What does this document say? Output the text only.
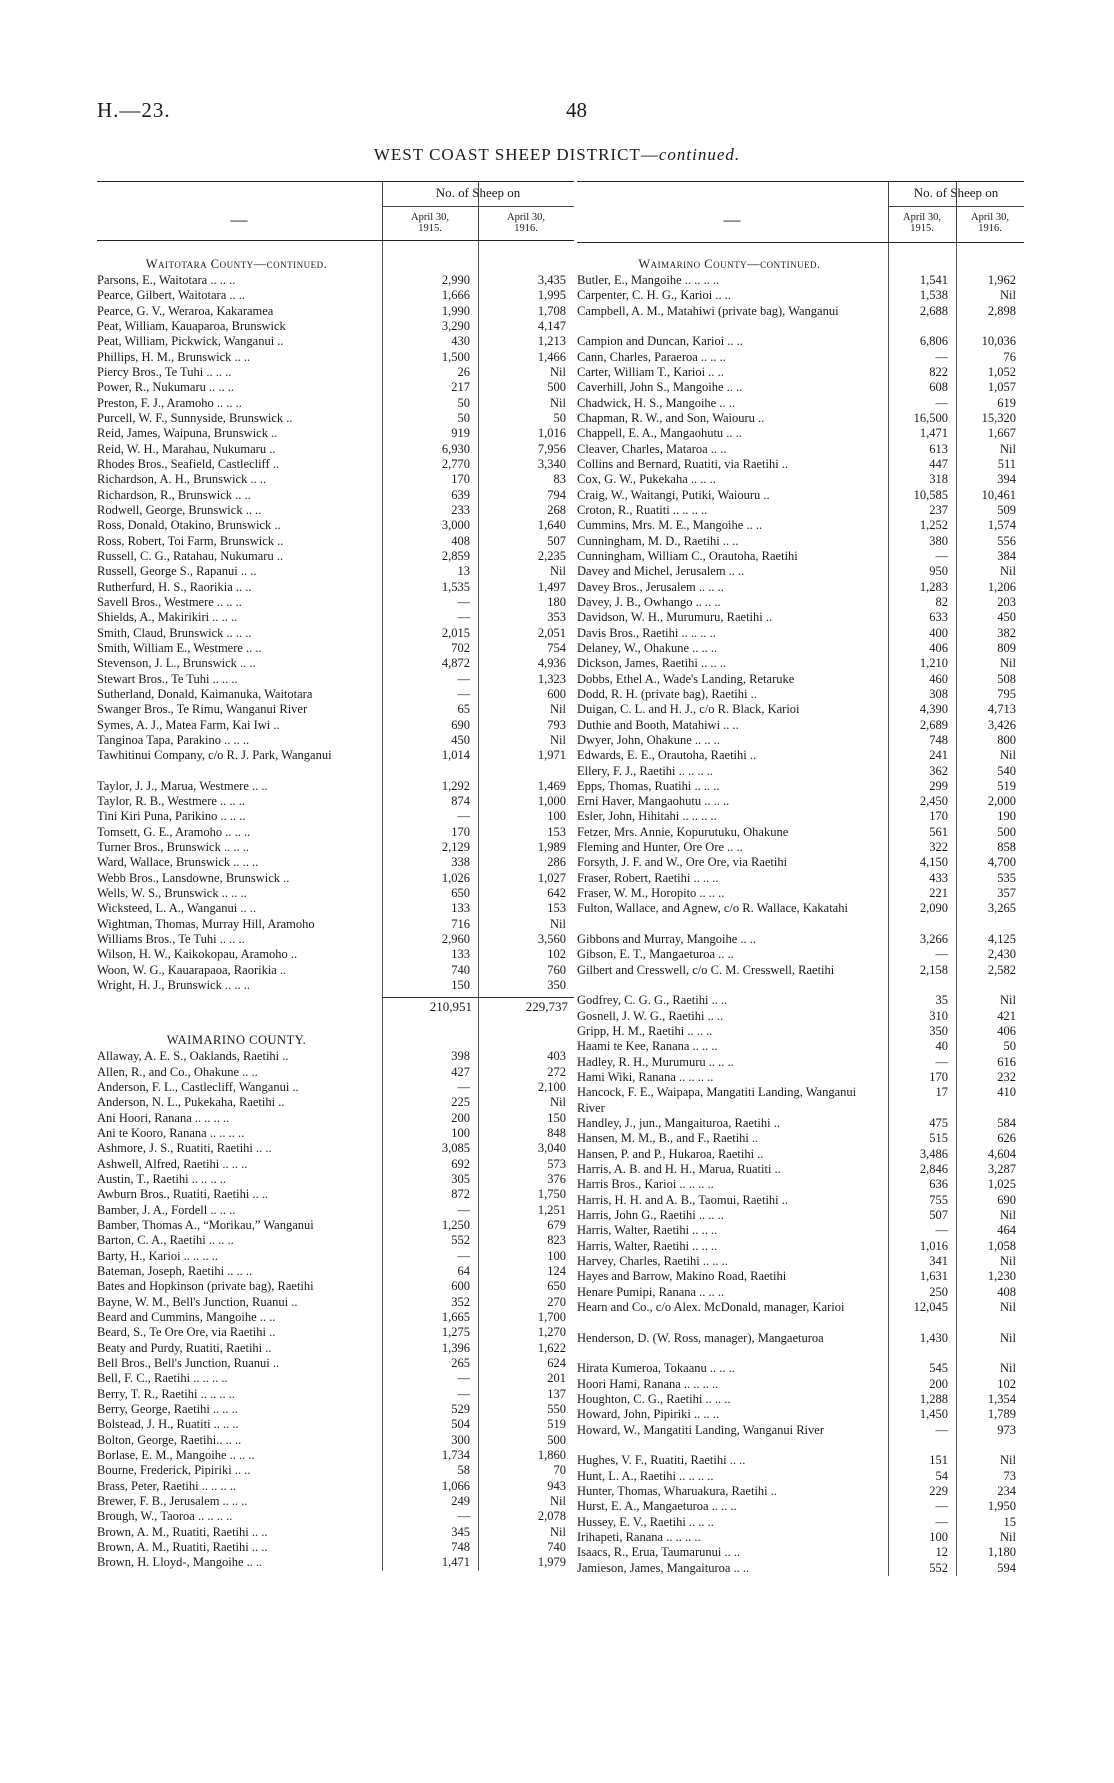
H.—23.	48
WEST COAST SHEEP DISTRICT—continued.
—
No. of Sheep on
April 30,
1915.
April 30,
1916.
Waitotara County—continued.
Parsons, E., Waitotara .. .. ..	2,990	3,435
Pearce, Gilbert, Waitotara .. ..	1,666	1,995
Pearce, G. V., Weraroa, Kakaramea	1,990	1,708
Peat, William, Kauaparoa, Brunswick	3,290	4,147
Peat, William, Pickwick, Wanganui ..	430	1,213
Phillips, H. M., Brunswick .. ..	1,500	1,466
Piercy Bros., Te Tuhi .. .. ..	26	Nil
Power, R., Nukumaru .. .. ..	217	500
Preston, F. J., Aramoho .. .. ..	50	Nil
Purcell, W. F., Sunnyside, Brunswick ..	50	50
Reid, James, Waipuna, Brunswick ..	919	1,016
Reid, W. H., Marahau, Nukumaru ..	6,930	7,956
Rhodes Bros., Seafield, Castlecliff ..	2,770	3,340
Richardson, A. H., Brunswick .. ..	170	83
Richardson, R., Brunswick .. ..	639	794
Rodwell, George, Brunswick .. ..	233	268
Ross, Donald, Otakino, Brunswick ..	3,000	1,640
Ross, Robert, Toi Farm, Brunswick ..	408	507
Russell, C. G., Ratahau, Nukumaru ..	2,859	2,235
Russell, George S., Rapanui .. ..	13	Nil
Rutherfurd, H. S., Raorikia .. ..	1,535	1,497
Savell Bros., Westmere .. .. ..	—	180
Shields, A., Makirikiri .. .. ..	—	353
Smith, Claud, Brunswick .. .. ..	2,015	2,051
Smith, William E., Westmere .. ..	702	754
Stevenson, J. L., Brunswick .. ..	4,872	4,936
Stewart Bros., Te Tuhi .. .. ..	—	1,323
Sutherland, Donald, Kaimanuka, Waitotara	—	600
Swanger Bros., Te Rimu, Wanganui River	65	Nil
Symes, A. J., Matea Farm, Kai Iwi ..	690	793
Tanginoa Tapa, Parakino .. .. ..	450	Nil
Tawhitinui Company, c/o R. J. Park, Wanganui	1,014	1,971
Taylor, J. J., Marua, Westmere .. ..	1,292	1,469
Taylor, R. B., Westmere .. .. ..	874	1,000
Tini Kiri Puna, Parikino .. .. ..	—	100
Tomsett, G. E., Aramoho .. .. ..	170	153
Turner Bros., Brunswick .. .. ..	2,129	1,989
Ward, Wallace, Brunswick .. .. ..	338	286
Webb Bros., Lansdowne, Brunswick ..	1,026	1,027
Wells, W. S., Brunswick .. .. ..	650	642
Wicksteed, L. A., Wanganui .. ..	133	153
Wightman, Thomas, Murray Hill, Aramoho	716	Nil
Williams Bros., Te Tuhi .. .. ..	2,960	3,560
Wilson, H. W., Kaikokopau, Aramoho ..	133	102
Woon, W. G., Kauarapaoa, Raorikia ..	740	760
Wright, H. J., Brunswick .. .. ..	150	350
210,951	229,737
WAIMARINO COUNTY.
Allaway, A. E. S., Oaklands, Raetihi ..	398	403
Allen, R., and Co., Ohakune .. ..	427	272
Anderson, F. L., Castlecliff, Wanganui ..	—	2,100
Anderson, N. L., Pukekaha, Raetihi ..	225	Nil
Ani Hoori, Ranana .. .. .. ..	200	150
Ani te Kooro, Ranana .. .. .. ..	100	848
Ashmore, J. S., Ruatiti, Raetihi .. ..	3,085	3,040
Ashwell, Alfred, Raetihi .. .. ..	692	573
Austin, T., Raetihi .. .. .. ..	305	376
Awburn Bros., Ruatiti, Raetihi .. ..	872	1,750
Bamber, J. A., Fordell .. .. ..	—	1,251
Bamber, Thomas A., “Morikau,” Wanganui	1,250	679
Barton, C. A., Raetihi .. .. ..	552	823
Barty, H., Karioi .. .. .. ..	—	100
Bateman, Joseph, Raetihi .. .. ..	64	124
Bates and Hopkinson (private bag), Raetihi	600	650
Bayne, W. M., Bell's Junction, Ruanui ..	352	270
Beard and Cummins, Mangoihe .. ..	1,665	1,700
Beard, S., Te Ore Ore, via Raetihi ..	1,275	1,270
Beaty and Purdy, Ruatiti, Raetihi ..	1,396	1,622
Bell Bros., Bell's Junction, Ruanui ..	265	624
Bell, F. C., Raetihi .. .. .. ..	—	201
Berry, T. R., Raetihi .. .. .. ..	—	137
Berry, George, Raetihi .. .. ..	529	550
Bolstead, J. H., Ruatiti .. .. ..	504	519
Bolton, George, Raetihi.. .. ..	300	500
Borlase, E. M., Mangoihe .. .. ..	1,734	1,860
Bourne, Frederick, Pipiriki .. ..	58	70
Brass, Peter, Raetihi .. .. .. ..	1,066	943
Brewer, F. B., Jerusalem .. .. ..	249	Nil
Brough, W., Taoroa .. .. .. ..	—	2,078
Brown, A. M., Ruatiti, Raetihi .. ..	345	Nil
Brown, A. M., Ruatiti, Raetihi .. ..	748	740
Brown, H. Lloyd-, Mangoihe .. ..	1,471	1,979
—
No. of Sheep on
April 30,
1915.
April 30,
1916.
Waimarino County—continued.
Butler, E., Mangoihe .. .. .. ..	1,541	1,962
Carpenter, C. H. G., Karioi .. ..	1,538	Nil
Campbell, A. M., Matahiwi (private bag), Wanganui	2,688	2,898
Campion and Duncan, Karioi .. ..	6,806	10,036
Cann, Charles, Paraeroa .. .. ..	—	76
Carter, William T., Karioi .. ..	822	1,052
Caverhill, John S., Mangoihe .. ..	608	1,057
Chadwick, H. S., Mangoihe .. ..	—	619
Chapman, R. W., and Son, Waiouru ..	16,500	15,320
Chappell, E. A., Mangaohutu .. ..	1,471	1,667
Cleaver, Charles, Mataroa .. ..	613	Nil
Collins and Bernard, Ruatiti, via Raetihi ..	447	511
Cox, G. W., Pukekaha .. .. ..	318	394
Craig, W., Waitangi, Putiki, Waiouru ..	10,585	10,461
Croton, R., Ruatiti .. .. .. ..	237	509
Cummins, Mrs. M. E., Mangoihe .. ..	1,252	1,574
Cunningham, M. D., Raetihi .. ..	380	556
Cunningham, William C., Orautoha, Raetihi	—	384
Davey and Michel, Jerusalem .. ..	950	Nil
Davey Bros., Jerusalem .. .. ..	1,283	1,206
Davey, J. B., Owhango .. .. ..	82	203
Davidson, W. H., Murumuru, Raetihi ..	633	450
Davis Bros., Raetihi .. .. .. ..	400	382
Delaney, W., Ohakune .. .. ..	406	809
Dickson, James, Raetihi .. .. ..	1,210	Nil
Dobbs, Ethel A., Wade's Landing, Retaruke	460	508
Dodd, R. H. (private bag), Raetihi ..	308	795
Duigan, C. L. and H. J., c/o R. Black, Karioi	4,390	4,713
Duthie and Booth, Matahiwi .. ..	2,689	3,426
Dwyer, John, Ohakune .. .. ..	748	800
Edwards, E. E., Orautoha, Raetihi ..	241	Nil
Ellery, F. J., Raetihi .. .. .. ..	362	540
Epps, Thomas, Ruatihi .. .. ..	299	519
Erni Haver, Mangaohutu .. .. ..	2,450	2,000
Esler, John, Hihitahi .. .. .. ..	170	190
Fetzer, Mrs. Annie, Kopurutuku, Ohakune	561	500
Fleming and Hunter, Ore Ore .. ..	322	858
Forsyth, J. F. and W., Ore Ore, via Raetihi	4,150	4,700
Fraser, Robert, Raetihi .. .. ..	433	535
Fraser, W. M., Horopito .. .. ..	221	357
Fulton, Wallace, and Agnew, c/o R. Wallace, Kakatahi	2,090	3,265
Gibbons and Murray, Mangoihe .. ..	3,266	4,125
Gibson, E. T., Mangaeturoa .. ..	—	2,430
Gilbert and Cresswell, c/o C. M. Cresswell, Raetihi	2,158	2,582
Godfrey, C. G. G., Raetihi .. ..	35	Nil
Gosnell, J. W. G., Raetihi .. ..	310	421
Gripp, H. M., Raetihi .. .. ..	350	406
Haami te Kee, Ranana .. .. ..	40	50
Hadley, R. H., Murumuru .. .. ..	—	616
Hami Wiki, Ranana .. .. .. ..	170	232
Hancock, F. E., Waipapa, Mangatiti Landing, Wanganui River
17	410
Handley, J., jun., Mangaituroa, Raetihi ..	475	584
Hansen, M. M., B., and F., Raetihi ..	515	626
Hansen, P. and P., Hukaroa, Raetihi ..	3,486	4,604
Harris, A. B. and H. H., Marua, Ruatiti ..	2,846	3,287
Harris Bros., Karioi .. .. .. ..	636	1,025
Harris, H. H. and A. B., Taomui, Raetihi ..	755	690
Harris, John G., Raetihi .. .. ..	507	Nil
Harris, Walter, Raetihi .. .. ..	—	464
Harris, Walter, Raetihi .. .. ..	1,016	1,058
Harvey, Charles, Raetihi .. .. ..	341	Nil
Hayes and Barrow, Makino Road, Raetihi	1,631	1,230
Henare Pumipi, Ranana .. .. ..	250	408
Hearn and Co., c/o Alex. McDonald, manager, Karioi	12,045	Nil
Henderson, D. (W. Ross, manager), Mangaeturoa	1,430	Nil
Hirata Kumeroa, Tokaanu .. .. ..	545	Nil
Hoori Hami, Ranana .. .. .. ..	200	102
Houghton, C. G., Raetihi .. .. ..	1,288	1,354
Howard, John, Pipiriki .. .. ..	1,450	1,789
Howard, W., Mangatiti Landing, Wanganui River	—	973
Hughes, V. F., Ruatiti, Raetihi .. ..	151	Nil
Hunt, L. A., Raetihi .. .. .. ..	54	73
Hunter, Thomas, Wharuakura, Raetihi ..	229	234
Hurst, E. A., Mangaeturoa .. .. ..	—	1,950
Hussey, E. V., Raetihi .. .. ..	—	15
Irihapeti, Ranana .. .. .. ..	100	Nil
Isaacs, R., Erua, Taumarunui .. ..	12	1,180
Jamieson, James, Mangaituroa .. ..	552	594
